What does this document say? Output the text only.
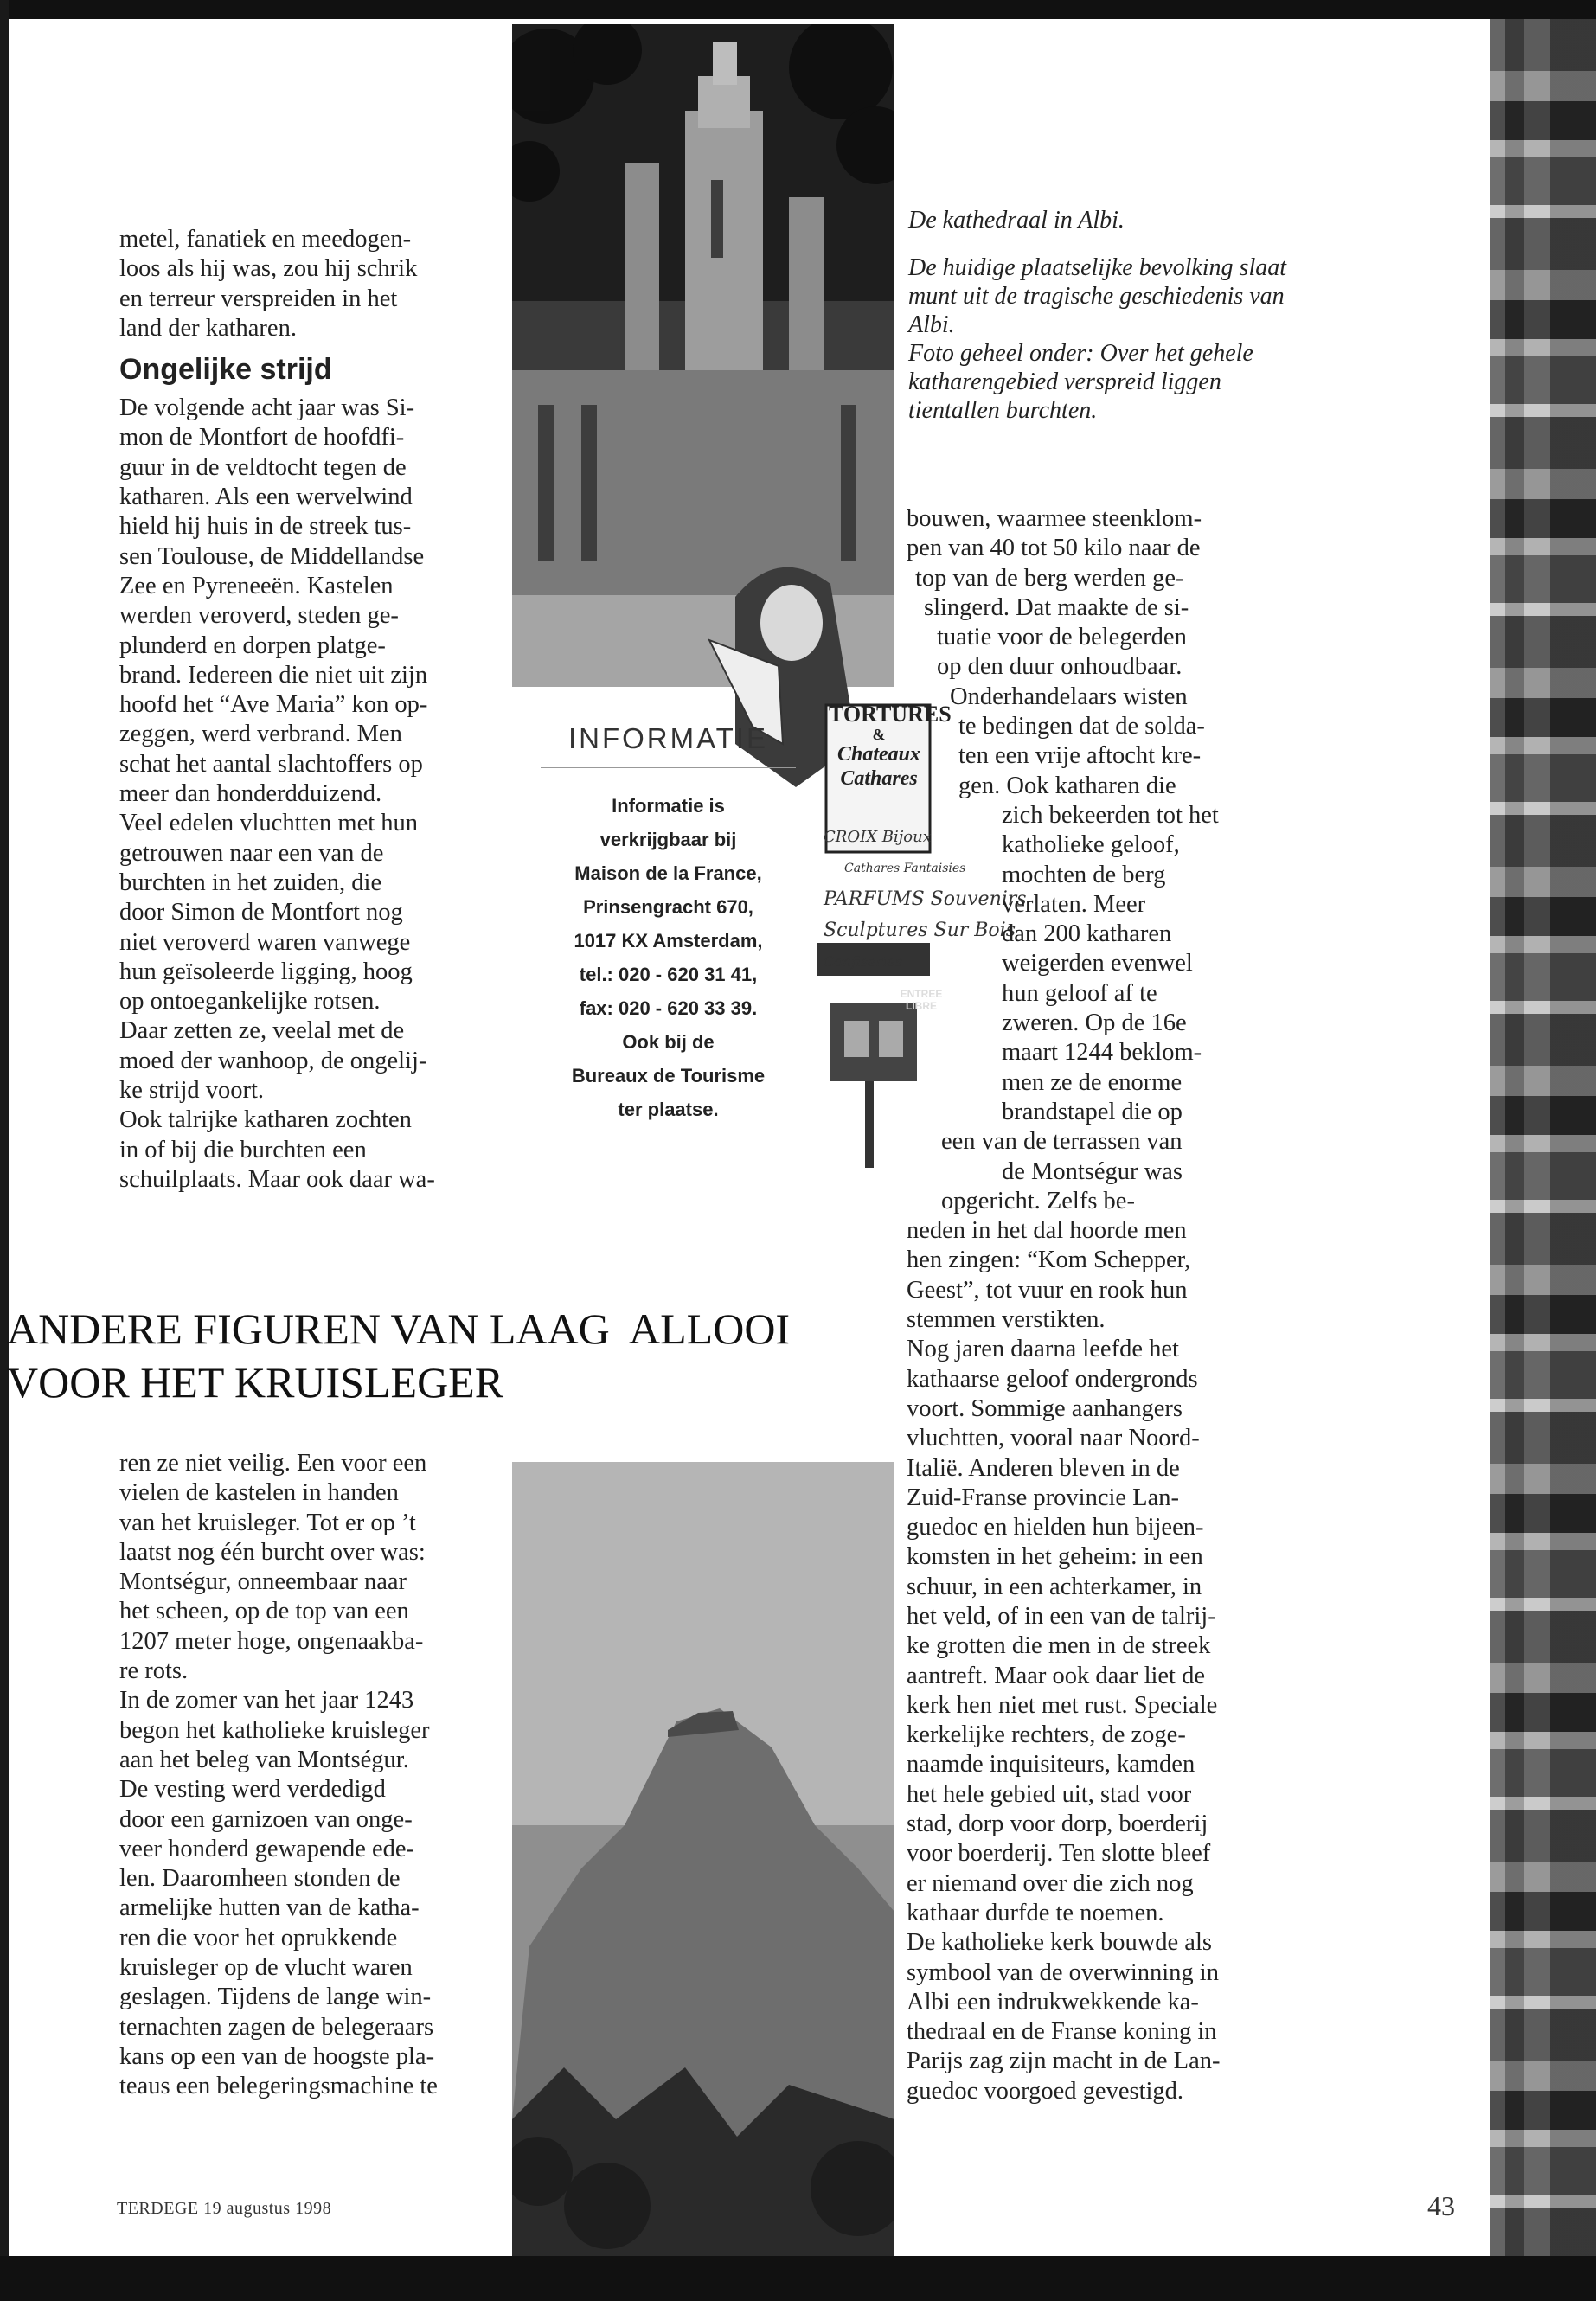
TORTURES
&
Chateaux
Cathares
CROIX Bijoux
Cathares Fantaisies
PARFUMS Souvenirs
Sculptures Sur Bois
Confiseries
ENTREE
LIBRE

metel, fanatiek en meedogen-

loos als hij was, zou hij schrik

en terreur verspreiden in het

land der katharen.

Ongelijke strijd

De volgende acht jaar was Si-

mon de Montfort de hoofdfi-

guur in de veldtocht tegen de

katharen. Als een wervelwind

hield hij huis in de streek tus-

sen Toulouse, de Middellandse

Zee en Pyreneeën. Kastelen

werden veroverd, steden ge-

plunderd en dorpen platge-

brand. Iedereen die niet uit zijn

hoofd het “Ave Maria” kon op-

zeggen, werd verbrand. Men

schat het aantal slachtoffers op

meer dan honderdduizend.

Veel edelen vluchtten met hun

getrouwen naar een van de

burchten in het zuiden, die

door Simon de Montfort nog

niet veroverd waren vanwege

hun geïsoleerde ligging, hoog

op ontoegankelijke rotsen.

Daar zetten ze, veelal met de

moed der wanhoop, de ongelij-

ke strijd voort.

Ook talrijke katharen zochten

in of bij die burchten een

schuilplaats. Maar ook daar wa-

INFORMATIE
Informatie is
verkrijgbaar bij
Maison de la France,
Prinsengracht 670,
1017 KX Amsterdam,
tel.: 020 - 620 31 41,
fax: 020 - 620 33 39.
Ook bij de
Bureaux de Tourisme
ter plaatse.

De kathedraal in Albi.

De huidige plaatselijke bevolking slaat munt uit de tragische geschiedenis van Albi.

Foto geheel onder: Over het gehele katharengebied verspreid liggen tientallen burchten.

ANDERE FIGUREN VAN LAAG  ALLOOI
VOOR HET KRUISLEGER

ren ze niet veilig. Een voor een

vielen de kastelen in handen

van het kruisleger. Tot er op ’t

laatst nog één burcht over was:

Montségur, onneembaar naar

het scheen, op de top van een

1207 meter hoge, ongenaakba-

re rots.

In de zomer van het jaar 1243

begon het katholieke kruisleger

aan het beleg van Montségur.

De vesting werd verdedigd

door een garnizoen van onge-

veer honderd gewapende ede-

len. Daaromheen stonden de

armelijke hutten van de katha-

ren die voor het oprukkende

kruisleger op de vlucht waren

geslagen. Tijdens de lange win-

ternachten zagen de belegeraars

kans op een van de hoogste pla-

teaus een belegeringsmachine te

bouwen, waarmee steenklom-

pen van 40 tot 50 kilo naar de

top van de berg werden ge-

slingerd. Dat maakte de si-

tuatie voor de belegerden

op den duur onhoudbaar.

Onderhandelaars wisten

te bedingen dat de solda-

ten een vrije aftocht kre-

gen. Ook katharen die

zich bekeerden tot het

katholieke geloof,

mochten de berg

verlaten. Meer

dan 200 katharen

weigerden evenwel

hun geloof af te

zweren. Op de 16e

maart 1244 beklom-

men ze de enorme

brandstapel die op

een van de terrassen van

de Montségur was

opgericht. Zelfs be-

neden in het dal hoorde men

hen zingen: “Kom Schepper,

Geest”, tot vuur en rook hun

stemmen verstikten.

Nog jaren daarna leefde het

kathaarse geloof ondergronds

voort. Sommige aanhangers

vluchtten, vooral naar Noord-

Italië. Anderen bleven in de

Zuid-Franse provincie Lan-

guedoc en hielden hun bijeen-

komsten in het geheim: in een

schuur, in een achterkamer, in

het veld, of in een van de talrij-

ke grotten die men in de streek

aantreft. Maar ook daar liet de

kerk hen niet met rust. Speciale

kerkelijke rechters, de zoge-

naamde inquisiteurs, kamden

het hele gebied uit, stad voor

stad, dorp voor dorp, boerderij

voor boerderij. Ten slotte bleef

er niemand over die zich nog

kathaar durfde te noemen.

De katholieke kerk bouwde als

symbool van de overwinning in

Albi een indrukwekkende ka-

thedraal en de Franse koning in

Parijs zag zijn macht in de Lan-

guedoc voorgoed gevestigd.

TERDEGE 19 augustus 1998	43
